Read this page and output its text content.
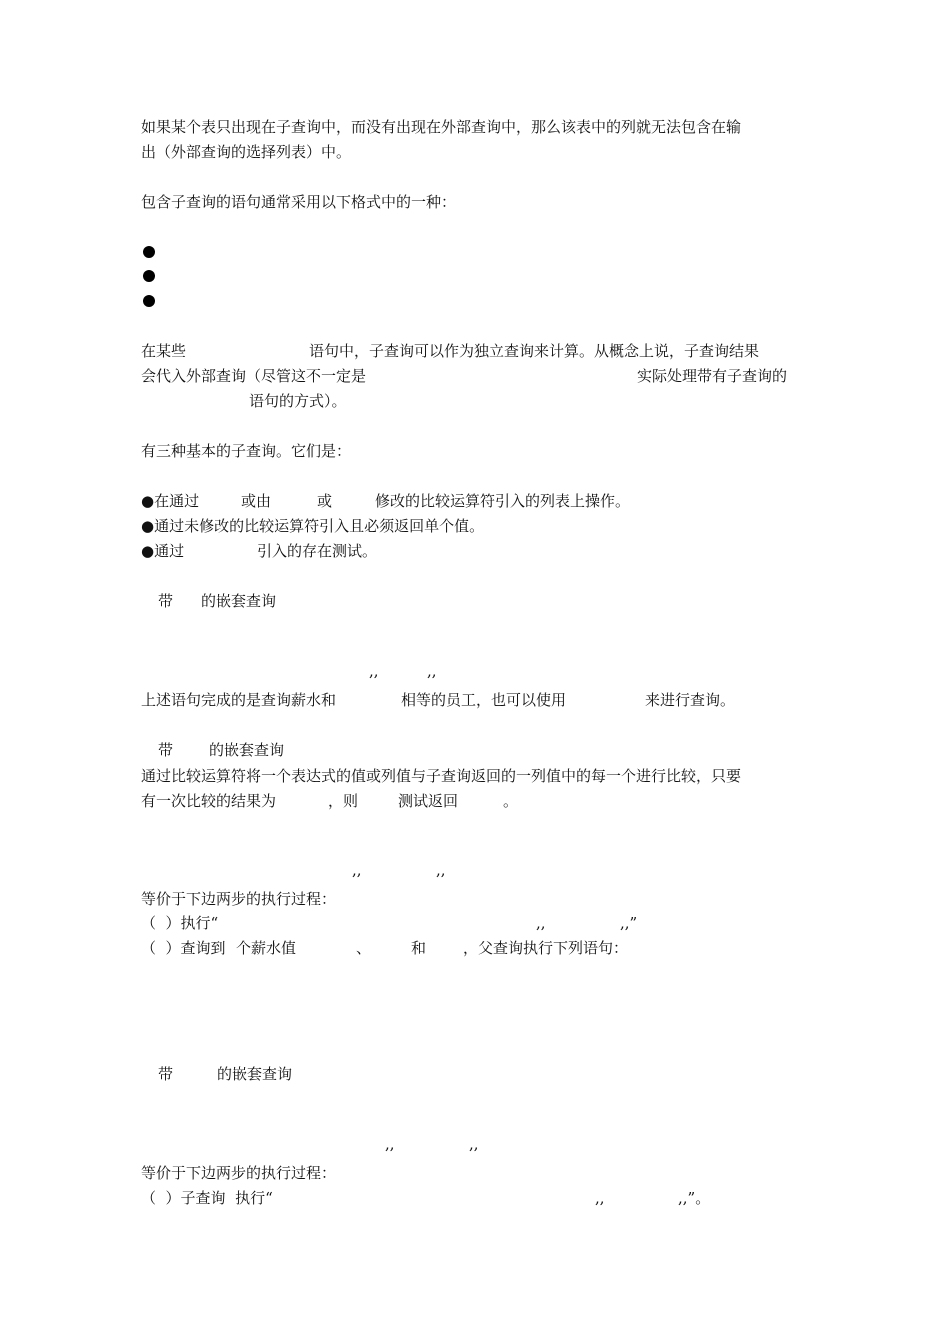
如果某个表只出现在子查询中，而没有出现在外部查询中，那么该表中的列就无法包含在输
出（外部查询的选择列表）中。
包含子查询的语句通常采用以下格式中的一种：
在某些	语句中，子查询可以作为独立查询来计算。从概念上说，子查询结果
会代入外部查询（尽管这不一定是	实际处理带有子查询的
语句的方式）。
有三种基本的子查询。它们是：
●在通过	或由	或	修改的比较运算符引入的列表上操作。
●通过未修改的比较运算符引入且必须返回单个值。
●通过	引入的存在测试。
带 的嵌套查询
,,	,,
上述语句完成的是查询薪水和	相等的员工，也可以使用	来进行查询。
带 的嵌套查询
通过比较运算符将一个表达式的值或列值与子查询返回的一列值中的每一个进行比较，只要
有一次比较的结果为	，则	测试返回	。
,,	,,
等价于下边两步的执行过程：
（  ）执行“	,,	,,”
（  ）查询到 个薪水值	、	和 ，父查询执行下列语句：
带	的嵌套查询
,,	,,
等价于下边两步的执行过程：
（  ）子查询  执行“	,,	,,”。
